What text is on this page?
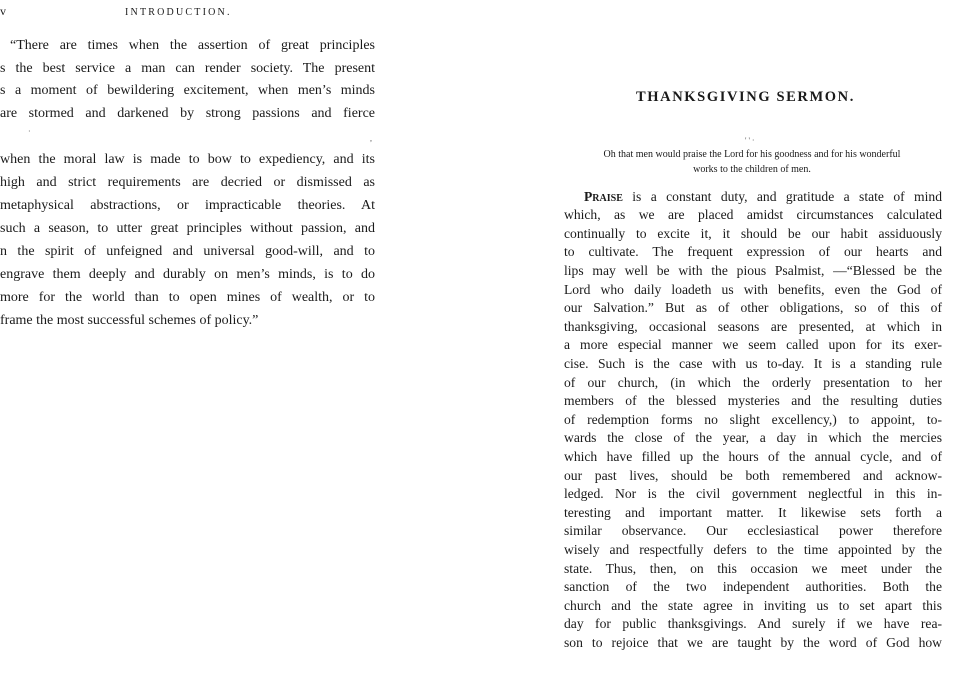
v	INTRODUCTION.
“There are times when the assertion of great principles
s the best service a man can render society. The present
s a moment of bewildering excitement, when men’s minds
are stormed and darkened by strong passions and fierce
·
,
when the moral law is made to bow to expediency, and its
high and strict requirements are decried or dismissed as
metaphysical abstractions, or impracticable theories. At
such a season, to utter great principles without passion, and
n the spirit of unfeigned and universal good-will, and to
engrave them deeply and durably on men’s minds, is to do
more for the world than to open mines of wealth, or to
frame the most successful schemes of policy.”
THANKSGIVING SERMON.
' ' ·
Oh that men would praise the Lord for his goodness and for his wonderful
works to the children of men.
Praise is a constant duty, and gratitude a state of mind
which, as we are placed amidst circumstances calculated
continually to excite it, it should be our habit assiduously
to cultivate. The frequent expression of our hearts and
lips may well be with the pious Psalmist, —“Blessed be the
Lord who daily loadeth us with benefits, even the God of
our Salvation.” But as of other obligations, so of this of
thanksgiving, occasional seasons are presented, at which in
a more especial manner we seem called upon for its exer-
cise. Such is the case with us to-day. It is a standing rule
of our church, (in which the orderly presentation to her
members of the blessed mysteries and the resulting duties
of redemption forms no slight excellency,) to appoint, to-
wards the close of the year, a day in which the mercies
which have filled up the hours of the annual cycle, and of
our past lives, should be both remembered and acknow-
ledged. Nor is the civil government neglectful in this in-
teresting and important matter. It likewise sets forth a
similar observance. Our ecclesiastical power therefore
wisely and respectfully defers to the time appointed by the
state. Thus, then, on this occasion we meet under the
sanction of the two independent authorities. Both the
church and the state agree in inviting us to set apart this
day for public thanksgivings. And surely if we have rea-
son to rejoice that we are taught by the word of God how
